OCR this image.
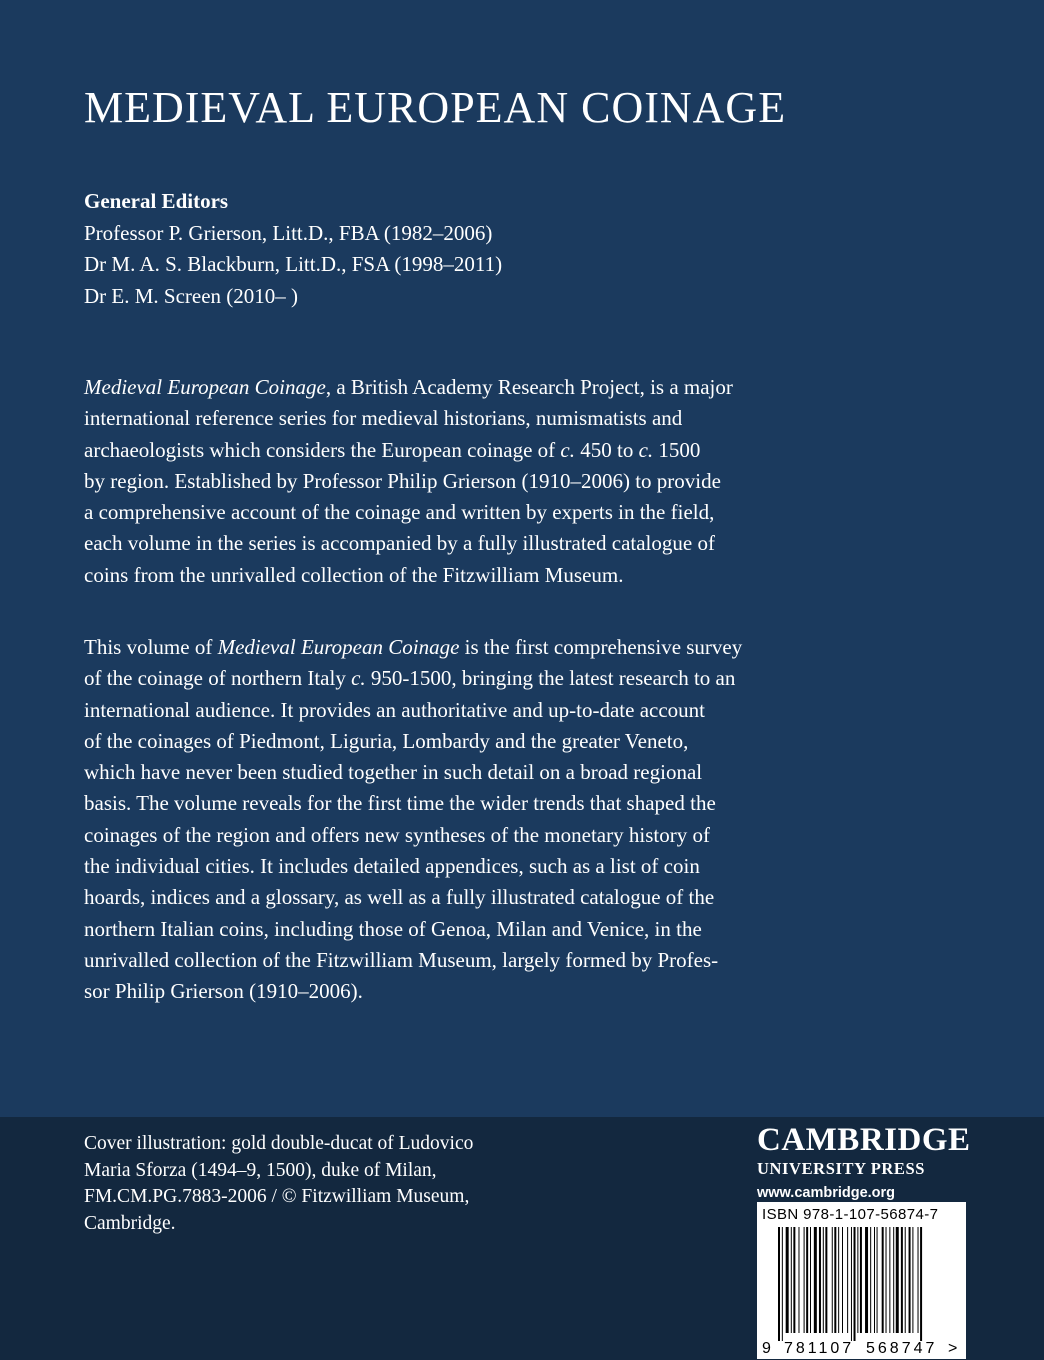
MEDIEVAL EUROPEAN COINAGE
General Editors
Professor P. Grierson, Litt.D., FBA (1982–2006)
Dr M. A. S. Blackburn, Litt.D., FSA (1998–2011)
Dr E. M. Screen (2010– )

Medieval European Coinage, a British Academy Research Project, is a major
international reference series for medieval historians, numismatists and
archaeologists which considers the European coinage of c. 450 to c. 1500
by region. Established by Professor Philip Grierson (1910–2006) to provide
a comprehensive account of the coinage and written by experts in the field,
each volume in the series is accompanied by a fully illustrated catalogue of
coins from the unrivalled collection of the Fitzwilliam Museum.

This volume of Medieval European Coinage is the first comprehensive survey
of the coinage of northern Italy c. 950-1500, bringing the latest research to an
international audience. It provides an authoritative and up-to-date account
of the coinages of Piedmont, Liguria, Lombardy and the greater Veneto,
which have never been studied together in such detail on a broad regional
basis. The volume reveals for the first time the wider trends that shaped the
coinages of the region and offers new syntheses of the monetary history of
the individual cities. It includes detailed appendices, such as a list of coin
hoards, indices and a glossary, as well as a fully illustrated catalogue of the
northern Italian coins, including those of Genoa, Milan and Venice, in the
unrivalled collection of the Fitzwilliam Museum, largely formed by Profes-
sor Philip Grierson (1910–2006).

Cover illustration: gold double-ducat of Ludovico
Maria Sforza (1494–9, 1500), duke of Milan,
FM.CM.PG.7883-2006 / © Fitzwilliam Museum,
Cambridge.
CAMBRIDGE
UNIVERSITY PRESS
www.cambridge.org
ISBN 978-1-107-56874-7
9 781107 568747 >
